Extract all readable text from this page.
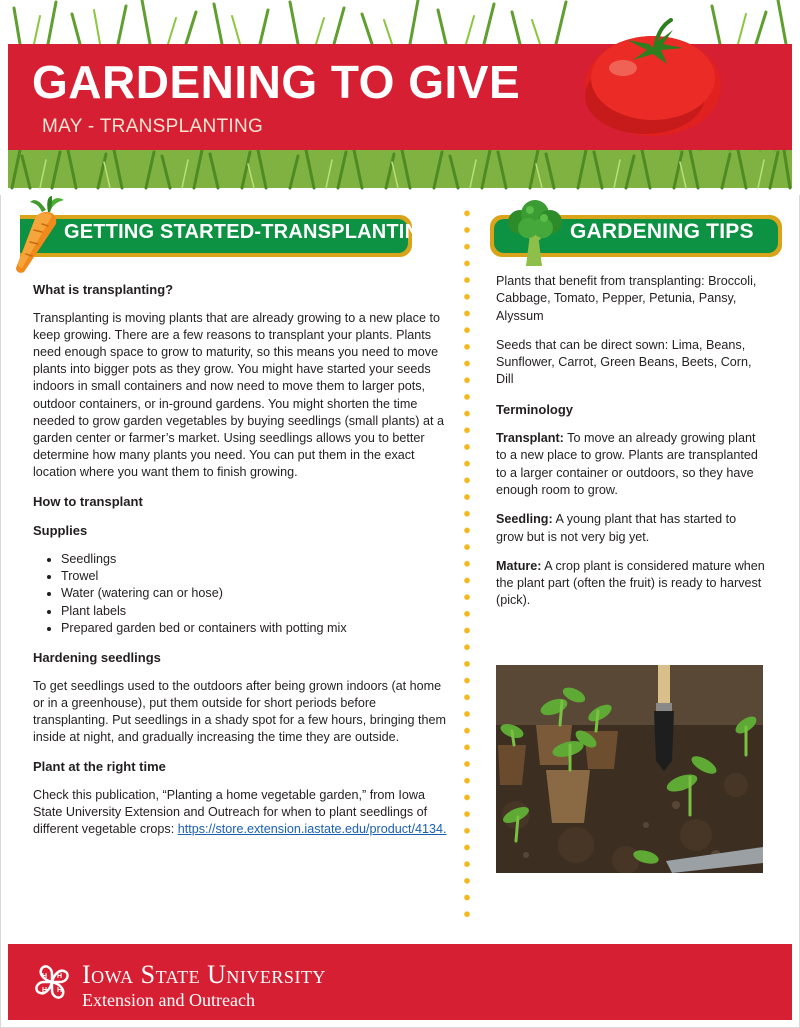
GARDENING TO GIVE

MAY - TRANSPLANTING

GETTING STARTED-TRANSPLANTING	GARDENING TIPS

What is transplanting?

Transplanting is moving plants that are already growing to a new place to keep growing. There are a few reasons to transplant your plants. Plants need enough space to grow to maturity, so this means you need to move plants into bigger pots as they grow. You might have started your seeds indoors in small containers and now need to move them to larger pots, outdoor containers, or in-ground gardens. You might shorten the time needed to grow garden vegetables by buying seedlings (small plants) at a garden center or farmer’s market. Using seedlings allows you to better determine how many plants you need. You can put them in the exact location where you want them to finish growing.

How to transplant

Supplies

• Seedlings
• Trowel
• Water (watering can or hose)
• Plant labels
• Prepared garden bed or containers with potting mix

Hardening seedlings

To get seedlings used to the outdoors after being grown indoors (at home or in a greenhouse), put them outside for short periods before transplanting. Put seedlings in a shady spot for a few hours, bringing them inside at night, and gradually increasing the time they are outside.

Plant at the right time

Check this publication, “Planting a home vegetable garden,” from Iowa State University Extension and Outreach for when to plant seedlings of different vegetable crops: https://store.extension.iastate.edu/product/4134.

Plants that benefit from transplanting: Broccoli, Cabbage, Tomato, Pepper, Petunia, Pansy, Alyssum

Seeds that can be direct sown: Lima, Beans, Sunflower, Carrot, Green Beans, Beets, Corn, Dill

Terminology

Transplant: To move an already growing plant to a new place to grow. Plants are transplanted to a larger container or outdoors, so they have enough room to grow.

Seedling: A young plant that has started to grow but is not very big yet.

Mature: A crop plant is considered mature when the plant part (often the fruit) is ready to harvest (pick).

H H
H H
Iowa State University
Extension and Outreach
